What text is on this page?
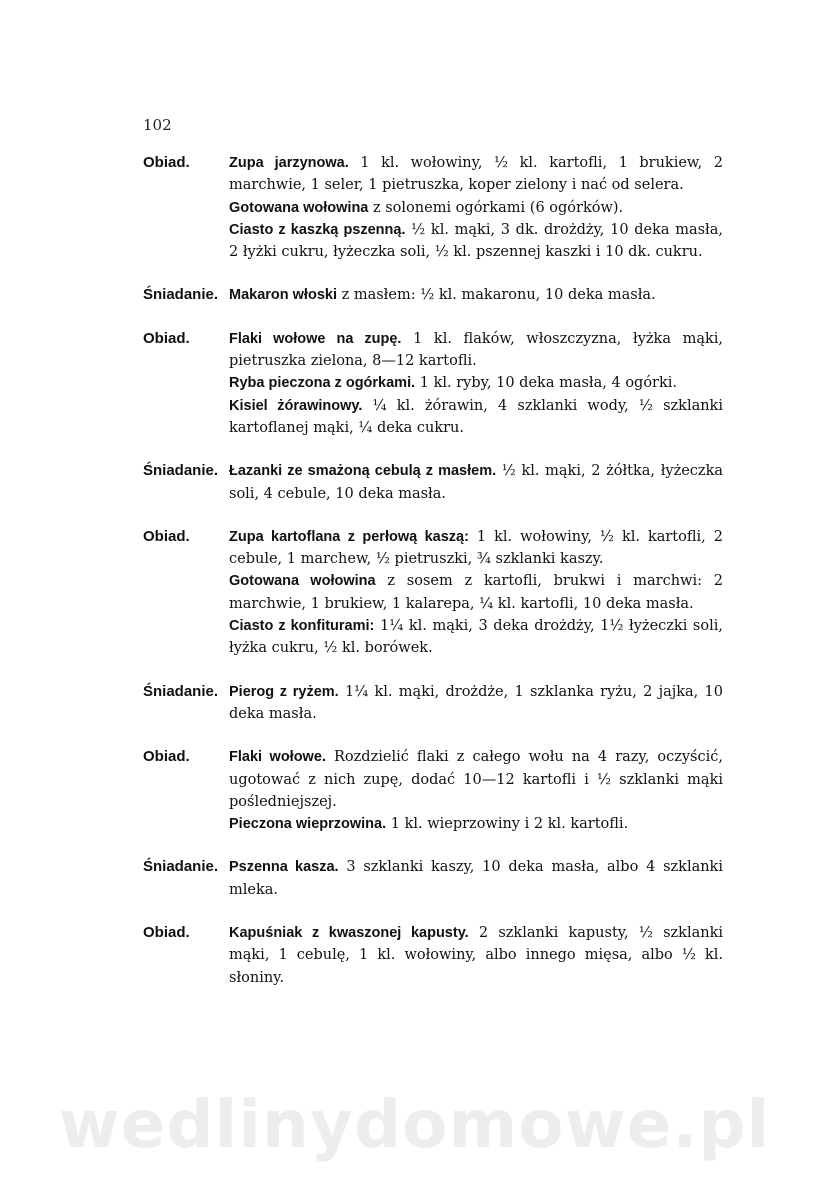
102
Obiad.	Zupa jarzynowa. 1 kl. wołowiny, ½ kl. kartofli, 1 brukiew, 2 marchwie, 1 seler, 1 pietruszka, koper zielony i nać od selera.
Gotowana wołowina z solonemi ogórkami (6 ogórków).
Ciasto z kaszką pszenną. ½ kl. mąki, 3 dk. drożdży, 10 deka masła, 2 łyżki cukru, łyżeczka soli, ½ kl. pszennej kaszki i 10 dk. cukru.
Śniadanie. Makaron włoski z masłem: ½ kl. makaronu, 10 deka masła.
Obiad.	Flaki wołowe na zupę. 1 kl. flaków, włoszczyzna, łyżka mąki, pietruszka zielona, 8—12 kartofli.
Ryba pieczona z ogórkami. 1 kl. ryby, 10 deka masła, 4 ogórki.
Kisiel żórawinowy. ¼ kl. żórawin, 4 szklanki wody, ½ szklanki kartoflanej mąki, ¼ deka cukru.
Śniadanie. Łazanki ze smażoną cebulą z masłem. ½ kl. mąki, 2 żółtka, łyżeczka soli, 4 cebule, 10 deka masła.
Obiad.	Zupa kartoflana z perłową kaszą: 1 kl. wołowiny, ½ kl. kartofli, 2 cebule, 1 marchew, ½ pietruszki, ¾ szklanki kaszy.
Gotowana wołowina z sosem z kartofli, brukwi i marchwi: 2 marchwie, 1 brukiew, 1 kalarepa, ¼ kl. kartofli, 10 deka masła.
Ciasto z konfiturami: 1¼ kl. mąki, 3 deka drożdży, 1½ łyżeczki soli, łyżka cukru, ½ kl. borówek.
Śniadanie. Pierog z ryżem. 1¼ kl. mąki, drożdże, 1 szklanka ryżu, 2 jajka, 10 deka masła.
Obiad.	Flaki wołowe. Rozdzielić flaki z całego wołu na 4 razy, oczyścić, ugotować z nich zupę, dodać 10—12 kartofli i ½ szklanki mąki pośledniejszej.
Pieczona wieprzowina. 1 kl. wieprzowiny i 2 kl. kartofli.
Śniadanie. Pszenna kasza. 3 szklanki kaszy, 10 deka masła, albo 4 szklanki mleka.
Obiad.	Kapuśniak z kwaszonej kapusty. 2 szklanki kapusty, ½ szklanki mąki, 1 cebulę, 1 kl. wołowiny, albo innego mięsa, albo ½ kl. słoniny.
wedlinydomowe.pl
